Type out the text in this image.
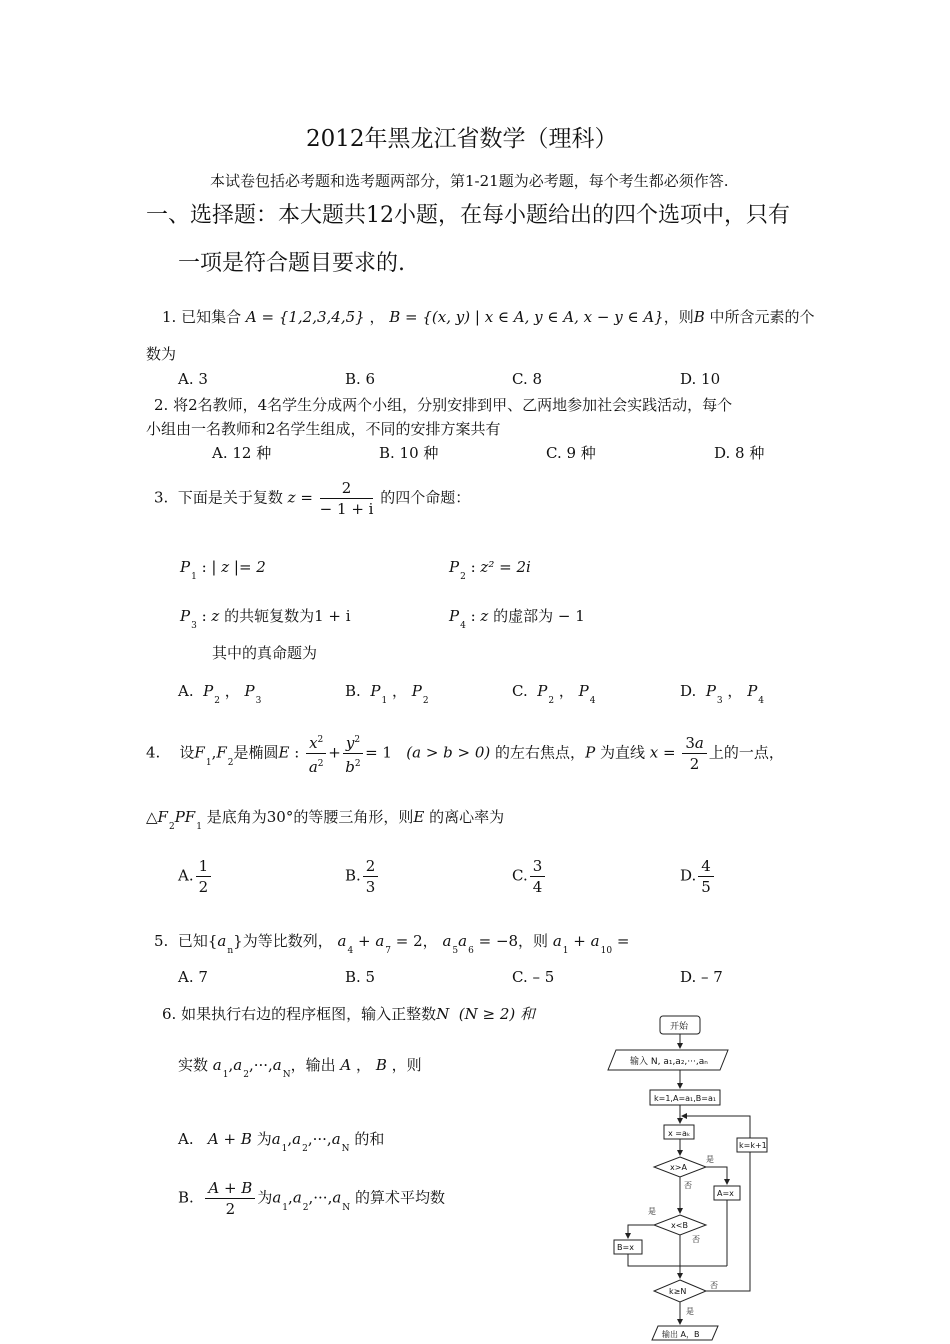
2012年黑龙江省数学（理科）
本试卷包括必考题和选考题两部分，第1-21题为必考题，每个考生都必须作答.
一、选择题：本大题共12小题，在每小题给出的四个选项中，只有
一项是符合题目要求的.
1. 已知集合 A = {1,2,3,4,5} ， B = {(x, y) | x ∈ A, y ∈ A, x − y ∈ A}，则B 中所含元素的个
数为
A. 3	B. 6	C. 8	D. 10
2. 将2名教师，4名学生分成两个小组，分别安排到甲、乙两地参加社会实践活动，每个
小组由一名教师和2名学生组成，不同的安排方案共有
A. 12 种	B. 10 种	C. 9 种	D. 8 种
3. 下面是关于复数 $z = \frac{2}{- 1 + i}$ 的四个命题：
$P_1$ : | z |= 2	$P_2$ : z² = 2i
$P_3$ : z 的共轭复数为1 + i	$P_4$ : z 的虚部为 − 1
其中的真命题为
A. $P_2$ ， $P_3$
B. $P_1$ ， $P_2$
C. $P_2$ ， $P_4$
D. $P_3$ ， $P_4$
4. 设$F_1,F_2$是椭圆E : $\frac{x^2}{a^2} + \frac{y^2}{b^2} = 1$   (a > b > 0) 的左右焦点，P 为直线 $x = \frac{3a}{2}$ 上的一点，
$\triangle F_2PF_1$ 是底角为30°的等腰三角形，则E 的离心率为
A. $\frac{1}{2}$	B. $\frac{2}{3}$	C. $\frac{3}{4}$	D. $\frac{4}{5}$
5. 已知$\{a_n\}$为等比数列， $a_4 + a_7 = 2$， $a_5a_6 = -8$，则 $a_1 + a_{10}$ =
A. 7	B. 5	C. – 5	D. – 7
6. 如果执行右边的程序框图，输入正整数N (N ≥ 2) 和
实数 $a_1,a_2,\cdot\cdot\cdot,a_N$，输出 A ， B ，则
A. A + B 为$a_1,a_2,\cdot\cdot\cdot,a_N$ 的和
B. $\frac{A + B}{2}$ 为$a_1,a_2,\cdot\cdot\cdot,a_N$ 的算术平均数
开始
输入 N, a₁,a₂,···,aₙ
k=1,A=a₁,B=a₁
x =aₖ
x>A
是
否
A=x
x<B
是
否
B=x
k=k+1
k≥N
否
是
输出 A，B
